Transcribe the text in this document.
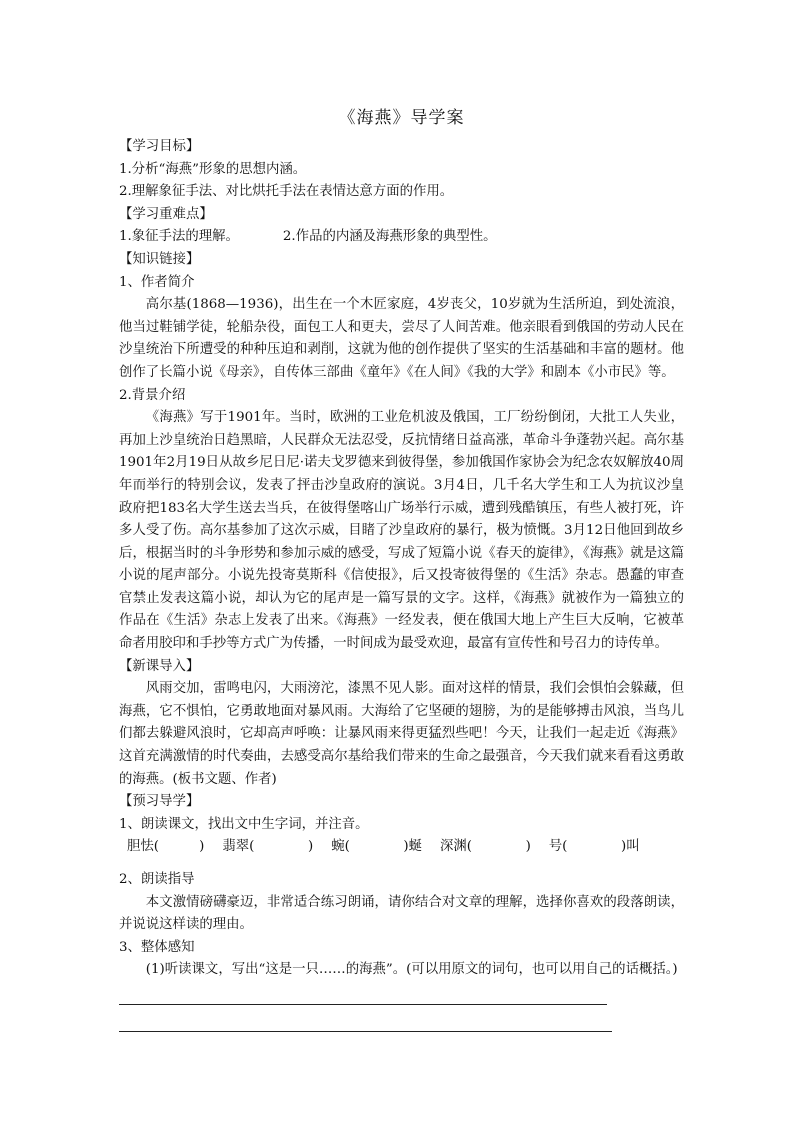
《海燕》导学案

【学习目标】

1.分析“海燕”形象的思想内涵。

2.理解象征手法、对比烘托手法在表情达意方面的作用。

【学习重难点】

1.象征手法的理解。	2.作品的内涵及海燕形象的典型性。

【知识链接】

1、作者简介

高尔基(1868—1936)，出生在一个木匠家庭，4岁丧父，10岁就为生活所迫，到处流浪，他当过鞋铺学徒，轮船杂役，面包工人和更夫，尝尽了人间苦难。他亲眼看到俄国的劳动人民在沙皇统治下所遭受的种种压迫和剥削，这就为他的创作提供了坚实的生活基础和丰富的题材。他创作了长篇小说《母亲》，自传体三部曲《童年》《在人间》《我的大学》和剧本《小市民》等。

2.背景介绍

《海燕》写于1901年。当时，欧洲的工业危机波及俄国，工厂纷纷倒闭，大批工人失业，再加上沙皇统治日趋黑暗，人民群众无法忍受，反抗情绪日益高涨，革命斗争蓬勃兴起。高尔基1901年2月19日从故乡尼日尼·诺夫戈罗德来到彼得堡，参加俄国作家协会为纪念农奴解放40周年而举行的特别会议，发表了抨击沙皇政府的演说。3月4日，几千名大学生和工人为抗议沙皇政府把183名大学生送去当兵，在彼得堡喀山广场举行示威，遭到残酷镇压，有些人被打死，许多人受了伤。高尔基参加了这次示威，目睹了沙皇政府的暴行，极为愤慨。3月12日他回到故乡后，根据当时的斗争形势和参加示威的感受，写成了短篇小说《春天的旋律》，《海燕》就是这篇小说的尾声部分。小说先投寄莫斯科《信使报》，后又投寄彼得堡的《生活》杂志。愚蠢的审查官禁止发表这篇小说，却认为它的尾声是一篇写景的文字。这样，《海燕》就被作为一篇独立的作品在《生活》杂志上发表了出来。《海燕》一经发表，便在俄国大地上产生巨大反响，它被革命者用胶印和手抄等方式广为传播，一时间成为最受欢迎，最富有宣传性和号召力的诗传单。

【新课导入】

风雨交加，雷鸣电闪，大雨滂沱，漆黑不见人影。面对这样的情景，我们会惧怕会躲藏，但海燕，它不惧怕，它勇敢地面对暴风雨。大海给了它坚硬的翅膀，为的是能够搏击风浪，当鸟儿们都去躲避风浪时，它却高声呼唤：让暴风雨来得更猛烈些吧！今天，让我们一起走近《海燕》这首充满激情的时代奏曲，去感受高尔基给我们带来的生命之最强音，今天我们就来看看这勇敢的海燕。(板书文题、作者)

【预习导学】

1、朗读课文，找出文中生字词，并注音。

胆怯(　　　) 翡翠(　　　　) 蜿(　　　　)蜒 深渊(　　　　) 号(　　　　)叫

2、朗读指导

本文激情磅礴豪迈，非常适合练习朗诵，请你结合对文章的理解，选择你喜欢的段落朗读，并说说这样读的理由。

3、整体感知

(1)听读课文，写出“这是一只……的海燕”。(可以用原文的词句，也可以用自己的话概括。)
